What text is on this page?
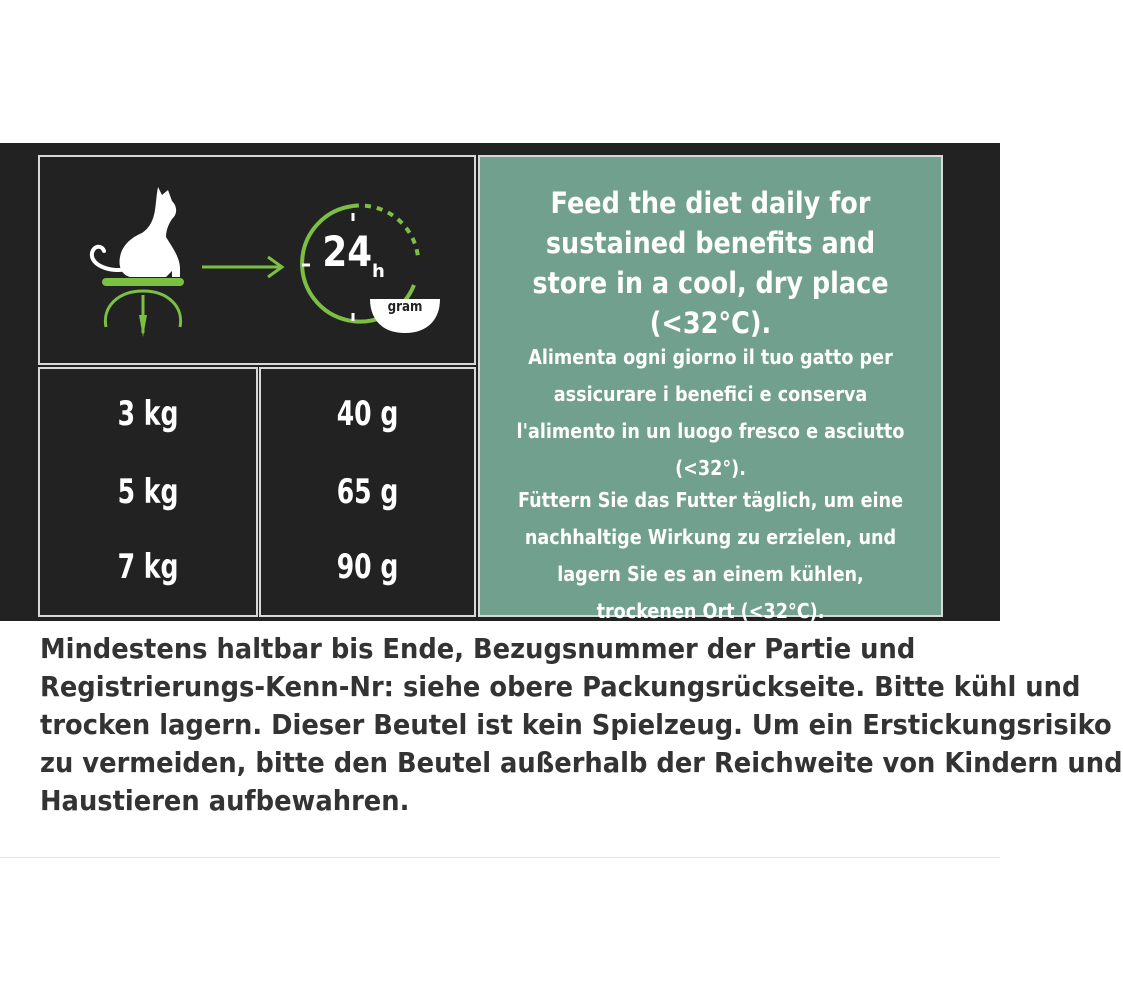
24 h
gram
3 kg
5 kg
7 kg
40 g
65 g
90 g
Feed the diet daily for sustained benefits and store in a cool, dry place (<32°C).
Alimenta ogni giorno il tuo gatto per assicurare i benefici e conserva l'alimento in un luogo fresco e asciutto (<32°).
Füttern Sie das Futter täglich, um eine nachhaltige Wirkung zu erzielen, und lagern Sie es an einem kühlen, trockenen Ort (<32°C).
Mindestens haltbar bis Ende, Bezugsnummer der Partie und
Registrierungs-Kenn-Nr: siehe obere Packungsrückseite. Bitte kühl und
trocken lagern. Dieser Beutel ist kein Spielzeug. Um ein Erstickungsrisiko
zu vermeiden, bitte den Beutel außerhalb der Reichweite von Kindern und
Haustieren aufbewahren.
